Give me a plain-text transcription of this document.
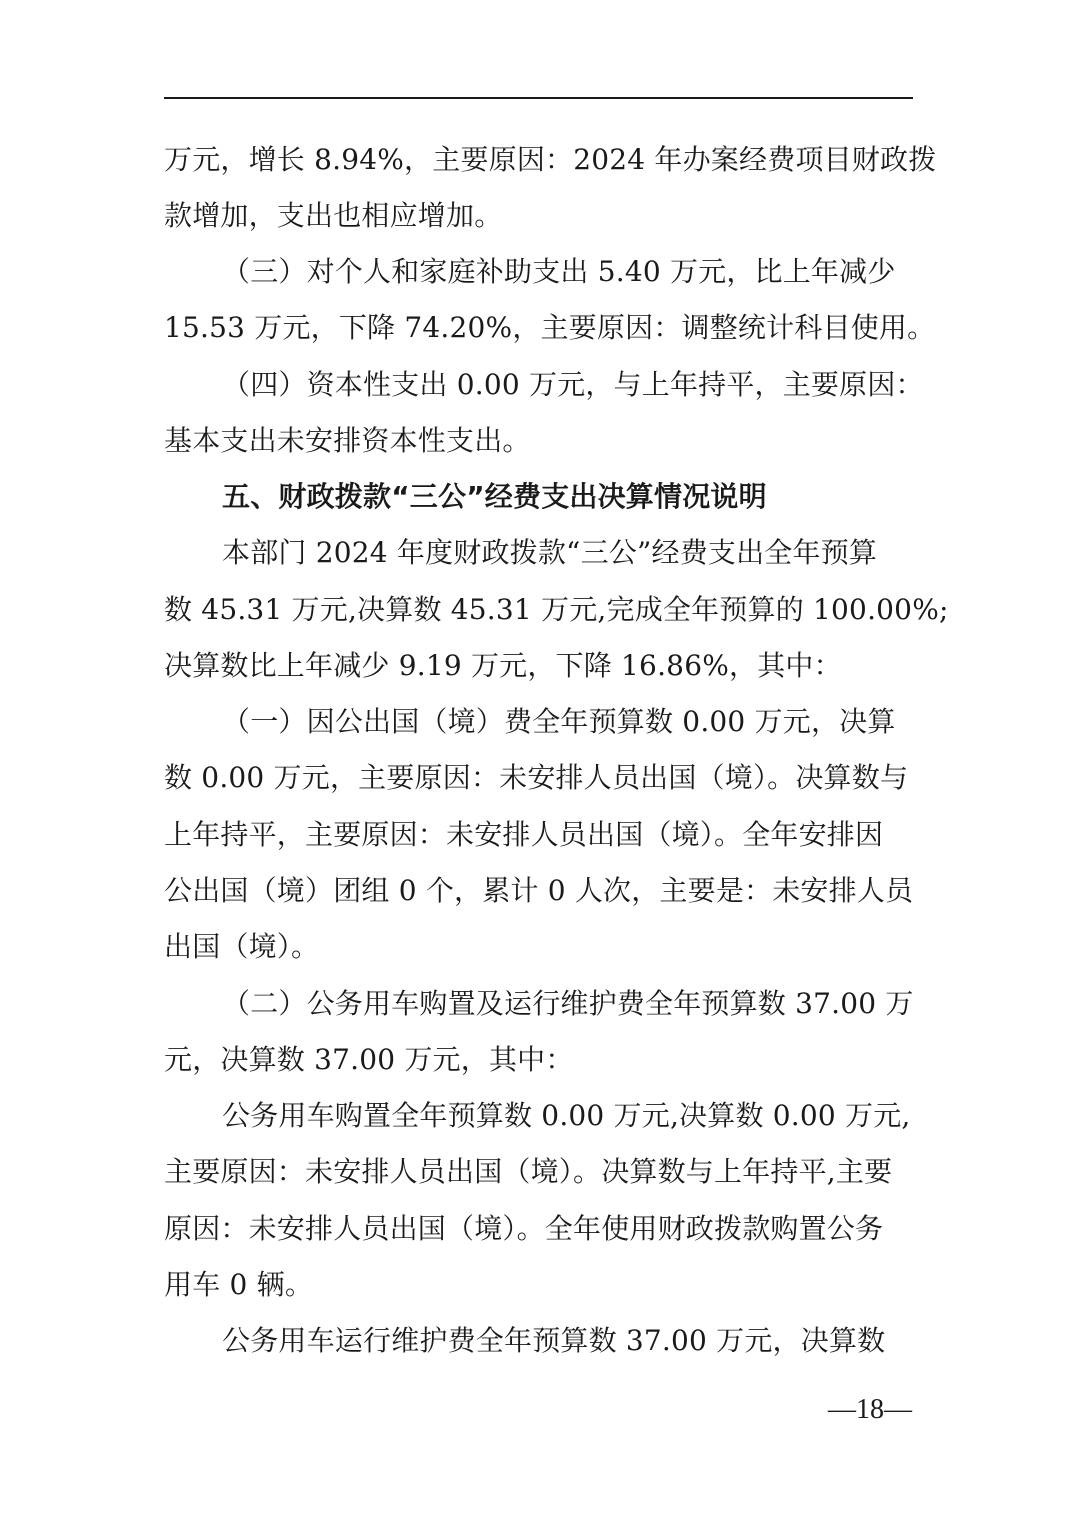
万元，增长 8.94%，主要原因：2024 年办案经费项目财政拨
款增加，支出也相应增加。
（三）对个人和家庭补助支出 5.40 万元，比上年减少
15.53 万元，下降 74.20%，主要原因：调整统计科目使用。
（四）资本性支出 0.00 万元，与上年持平，主要原因：
基本支出未安排资本性支出。
五、财政拨款“三公”经费支出决算情况说明
本部门 2024 年度财政拨款“三公”经费支出全年预算
数 45.31 万元,决算数 45.31 万元,完成全年预算的 100.00%;
决算数比上年减少 9.19 万元，下降 16.86%，其中：
（一）因公出国（境）费全年预算数 0.00 万元，决算
数 0.00 万元，主要原因：未安排人员出国（境）。决算数与
上年持平，主要原因：未安排人员出国（境）。全年安排因
公出国（境）团组 0 个，累计 0 人次，主要是：未安排人员
出国（境）。
（二）公务用车购置及运行维护费全年预算数 37.00 万
元，决算数 37.00 万元，其中：
公务用车购置全年预算数 0.00 万元,决算数 0.00 万元,
主要原因：未安排人员出国（境）。决算数与上年持平,主要
原因：未安排人员出国（境）。全年使用财政拨款购置公务
用车 0 辆。
公务用车运行维护费全年预算数 37.00 万元，决算数
—18—
